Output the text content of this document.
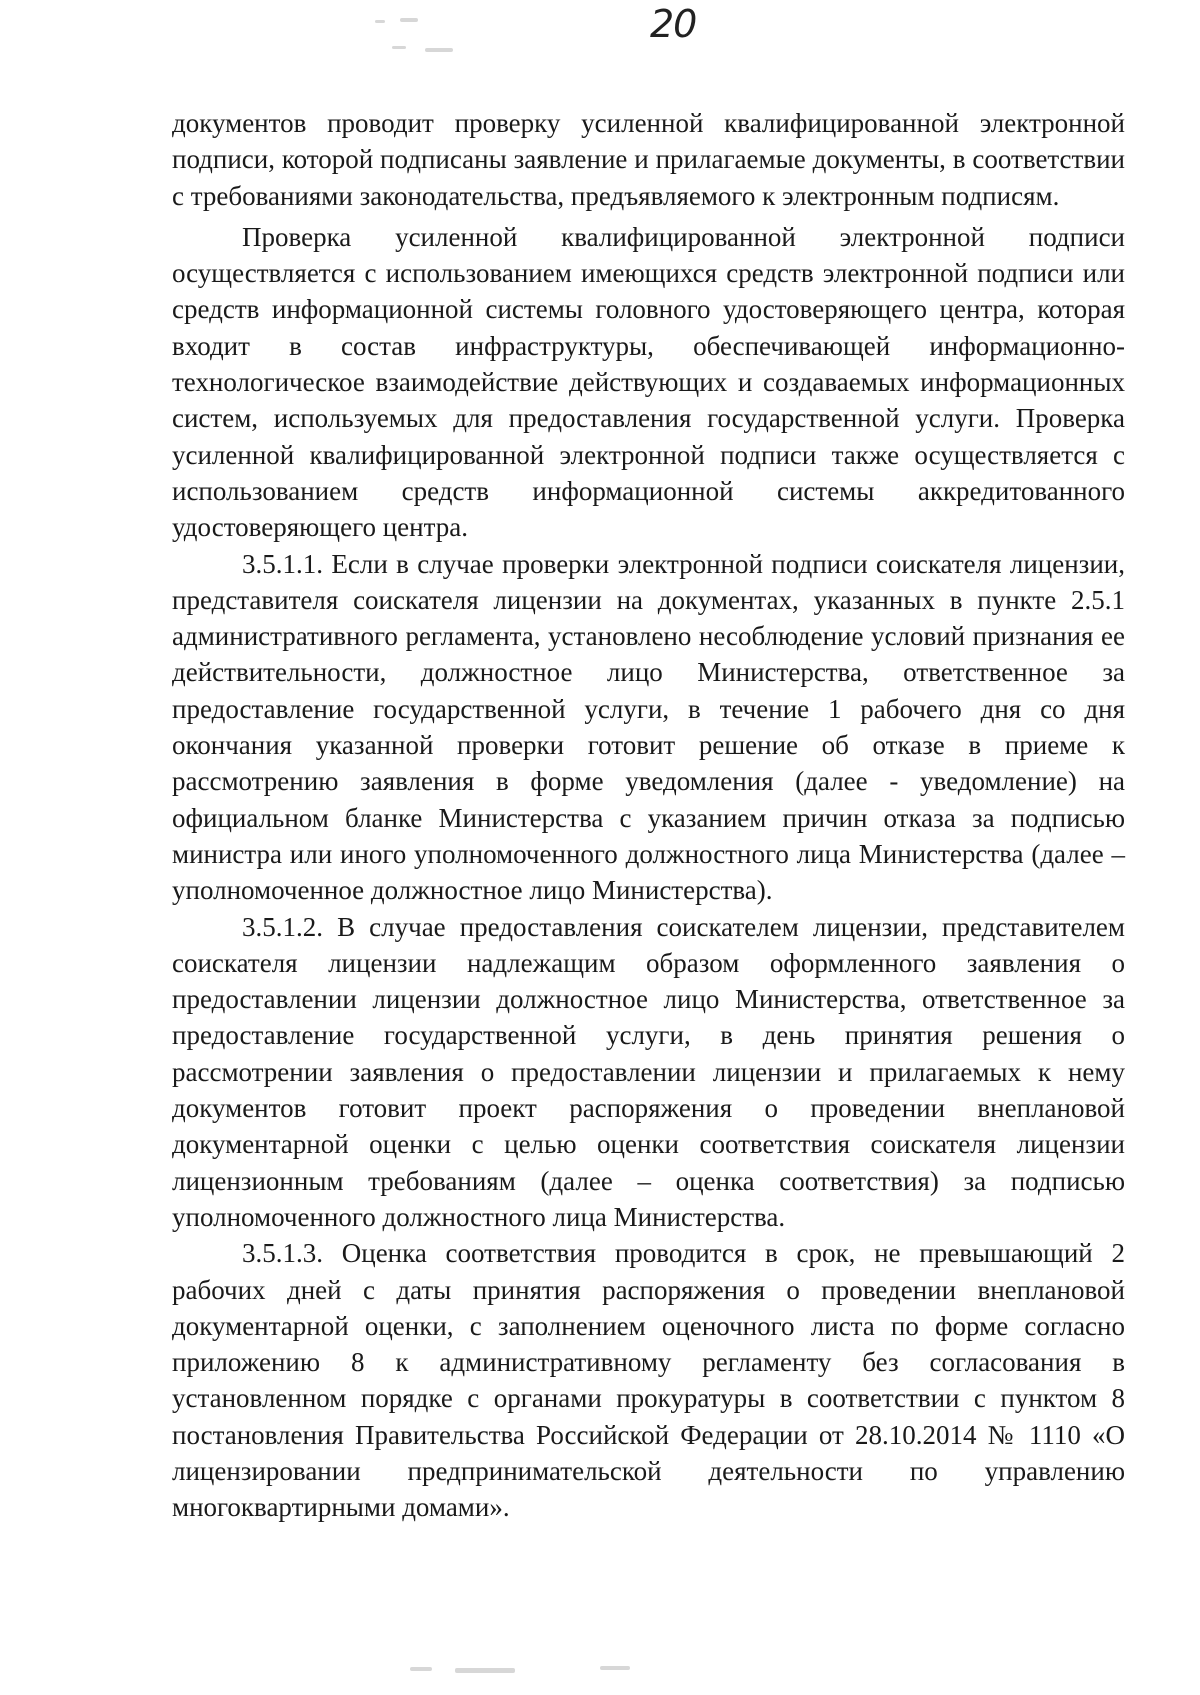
20

документов проводит проверку усиленной квалифицированной электронной подписи, которой подписаны заявление и прилагаемые документы, в соответствии с требованиями законодательства, предъявляемого к электронным подписям.

Проверка усиленной квалифицированной электронной подписи осуществляется с использованием имеющихся средств электронной подписи или средств информационной системы головного удостоверяющего центра, которая входит в состав инфраструктуры, обеспечивающей информационно-технологическое взаимодействие действующих и создаваемых информационных систем, используемых для предоставления государственной услуги. Проверка усиленной квалифицированной электронной подписи также осуществляется с использованием средств информационной системы аккредитованного удостоверяющего центра.

3.5.1.1. Если в случае проверки электронной подписи соискателя лицензии, представителя соискателя лицензии на документах, указанных в пункте 2.5.1 административного регламента, установлено несоблюдение условий признания ее действительности, должностное лицо Министерства, ответственное за предоставление государственной услуги, в течение 1 рабочего дня со дня окончания указанной проверки готовит решение об отказе в приеме к рассмотрению заявления в форме уведомления (далее - уведомление) на официальном бланке Министерства с указанием причин отказа за подписью министра или иного уполномоченного должностного лица Министерства (далее – уполномоченное должностное лицо Министерства).

3.5.1.2. В случае предоставления соискателем лицензии, представителем соискателя лицензии надлежащим образом оформленного заявления о предоставлении лицензии должностное лицо Министерства, ответственное за предоставление государственной услуги, в день принятия решения о рассмотрении заявления о предоставлении лицензии и прилагаемых к нему документов готовит проект распоряжения о проведении внеплановой документарной оценки с целью оценки соответствия соискателя лицензии лицензионным требованиям (далее – оценка соответствия) за подписью уполномоченного должностного лица Министерства.

3.5.1.3. Оценка соответствия проводится в срок, не превышающий 2 рабочих дней с даты принятия распоряжения о проведении внеплановой документарной оценки, с заполнением оценочного листа по форме согласно приложению 8 к административному регламенту без согласования в установленном порядке с органами прокуратуры в соответствии с пунктом 8 постановления Правительства Российской Федерации от 28.10.2014 № 1110 «О лицензировании предпринимательской деятельности по управлению многоквартирными домами».
